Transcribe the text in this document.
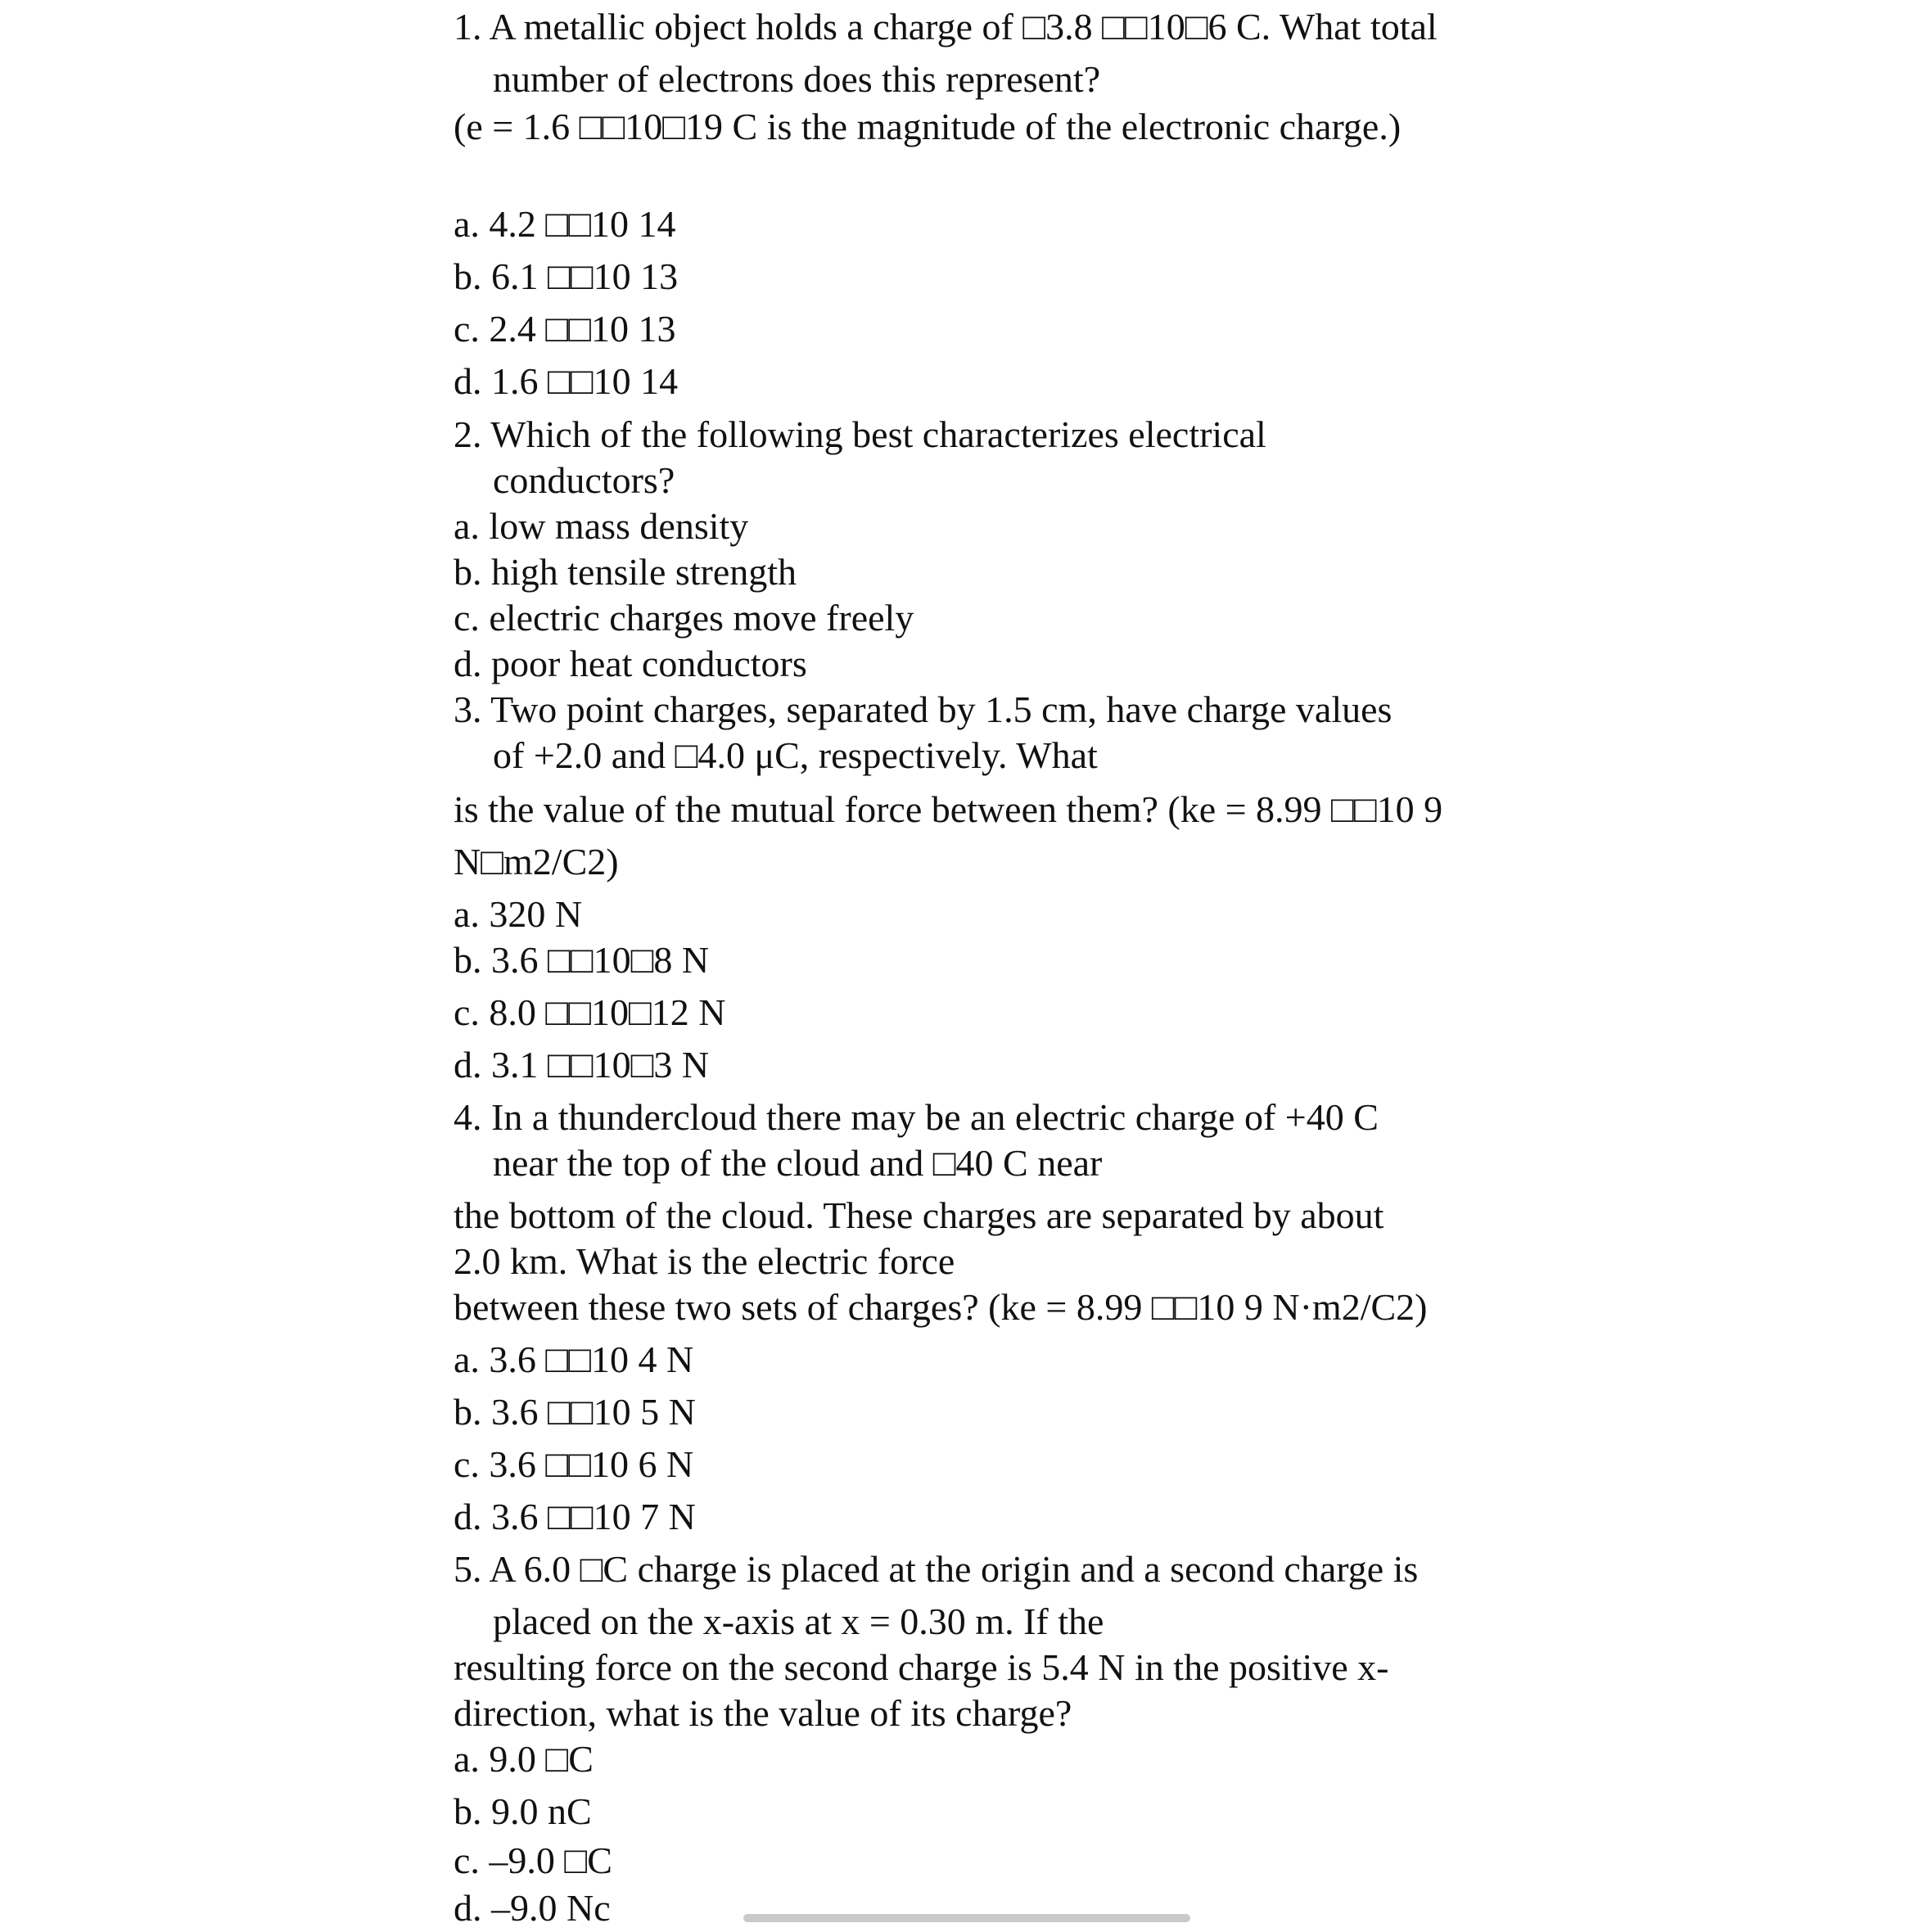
1. A metallic object holds a charge of □3.8 □□10□6 C. What total
number of electrons does this represent?
(e = 1.6 □□10□19 C is the magnitude of the electronic charge.)
a. 4.2 □□10 14
b. 6.1 □□10 13
c. 2.4 □□10 13
d. 1.6 □□10 14
2. Which of the following best characterizes electrical
conductors?
a. low mass density
b. high tensile strength
c. electric charges move freely
d. poor heat conductors
3. Two point charges, separated by 1.5 cm, have charge values
of +2.0 and □4.0 μC, respectively. What
is the value of the mutual force between them? (ke = 8.99 □□10 9
N□m2/C2)
a. 320 N
b. 3.6 □□10□8 N
c. 8.0 □□10□12 N
d. 3.1 □□10□3 N
4. In a thundercloud there may be an electric charge of +40 C
near the top of the cloud and □40 C near
the bottom of the cloud. These charges are separated by about
2.0 km. What is the electric force
between these two sets of charges? (ke = 8.99 □□10 9 N·m2/C2)
a. 3.6 □□10 4 N
b. 3.6 □□10 5 N
c. 3.6 □□10 6 N
d. 3.6 □□10 7 N
5. A 6.0 □C charge is placed at the origin and a second charge is
placed on the x-axis at x = 0.30 m. If the
resulting force on the second charge is 5.4 N in the positive x-
direction, what is the value of its charge?
a. 9.0 □C
b. 9.0 nC
c. –9.0 □C
d. –9.0 Nc
